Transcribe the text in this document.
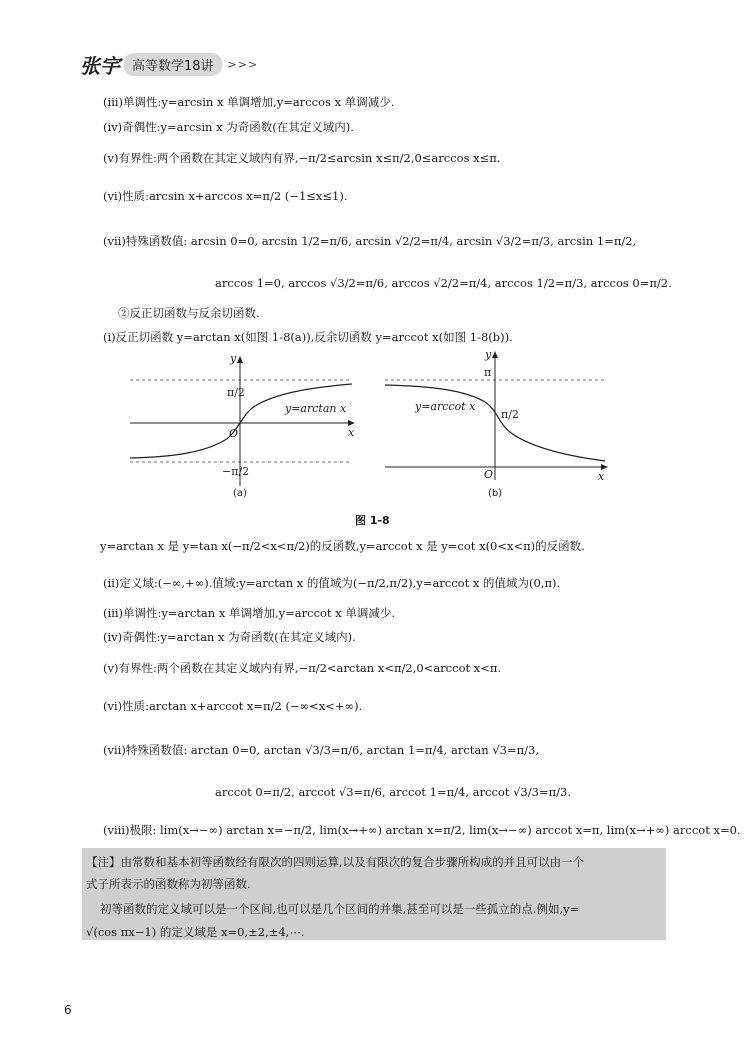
张宇 高等数学18讲	>>>
(ⅲ)单调性:y=arcsin x 单调增加,y=arccos x 单调减少.
(ⅳ)奇偶性:y=arcsin x 为奇函数(在其定义域内).
(ⅴ)有界性:两个函数在其定义域内有界,−π/2≤arcsin x≤π/2,0≤arccos x≤π.
(ⅵ)性质:arcsin x+arccos x=π/2 (−1≤x≤1).
(ⅶ)特殊函数值: arcsin 0=0, arcsin 1/2=π/6, arcsin √2/2=π/4, arcsin √3/2=π/3, arcsin 1=π/2,
arccos 1=0, arccos √3/2=π/6, arccos √2/2=π/4, arccos 1/2=π/3, arccos 0=π/2.
②反正切函数与反余切函数.
(ⅰ)反正切函数 y=arctan x(如图 1-8(a)),反余切函数 y=arccot x(如图 1-8(b)).
y
x
O
π/2
−π/2
y=arctan x
(a)
y
x
O
π
π/2
y=arccot x
(b)
图 1-8
y=arctan x 是 y=tan x(−π/2<x<π/2)的反函数,y=arccot x 是 y=cot x(0<x<π)的反函数.
(ⅱ)定义域:(−∞,+∞).值域:y=arctan x 的值域为(−π/2,π/2),y=arccot x 的值域为(0,π).
(ⅲ)单调性:y=arctan x 单调增加,y=arccot x 单调减少.
(ⅳ)奇偶性:y=arctan x 为奇函数(在其定义域内).
(ⅴ)有界性:两个函数在其定义域内有界,−π/2<arctan x<π/2,0<arccot x<π.
(ⅵ)性质:arctan x+arccot x=π/2 (−∞<x<+∞).
(ⅶ)特殊函数值: arctan 0=0, arctan √3/3=π/6, arctan 1=π/4, arctan √3=π/3,
arccot 0=π/2, arccot √3=π/6, arccot 1=π/4, arccot √3/3=π/3.
(ⅷ)极限: lim(x→−∞) arctan x=−π/2, lim(x→+∞) arctan x=π/2, lim(x→−∞) arccot x=π, lim(x→+∞) arccot x=0.
【注】由常数和基本初等函数经有限次的四则运算,以及有限次的复合步骤所构成的并且可以由一个
式子所表示的函数称为初等函数.
初等函数的定义域可以是一个区间,也可以是几个区间的并集,甚至可以是一些孤立的点.例如,y=
√(cos πx−1) 的定义域是 x=0,±2,±4,⋯.
6
